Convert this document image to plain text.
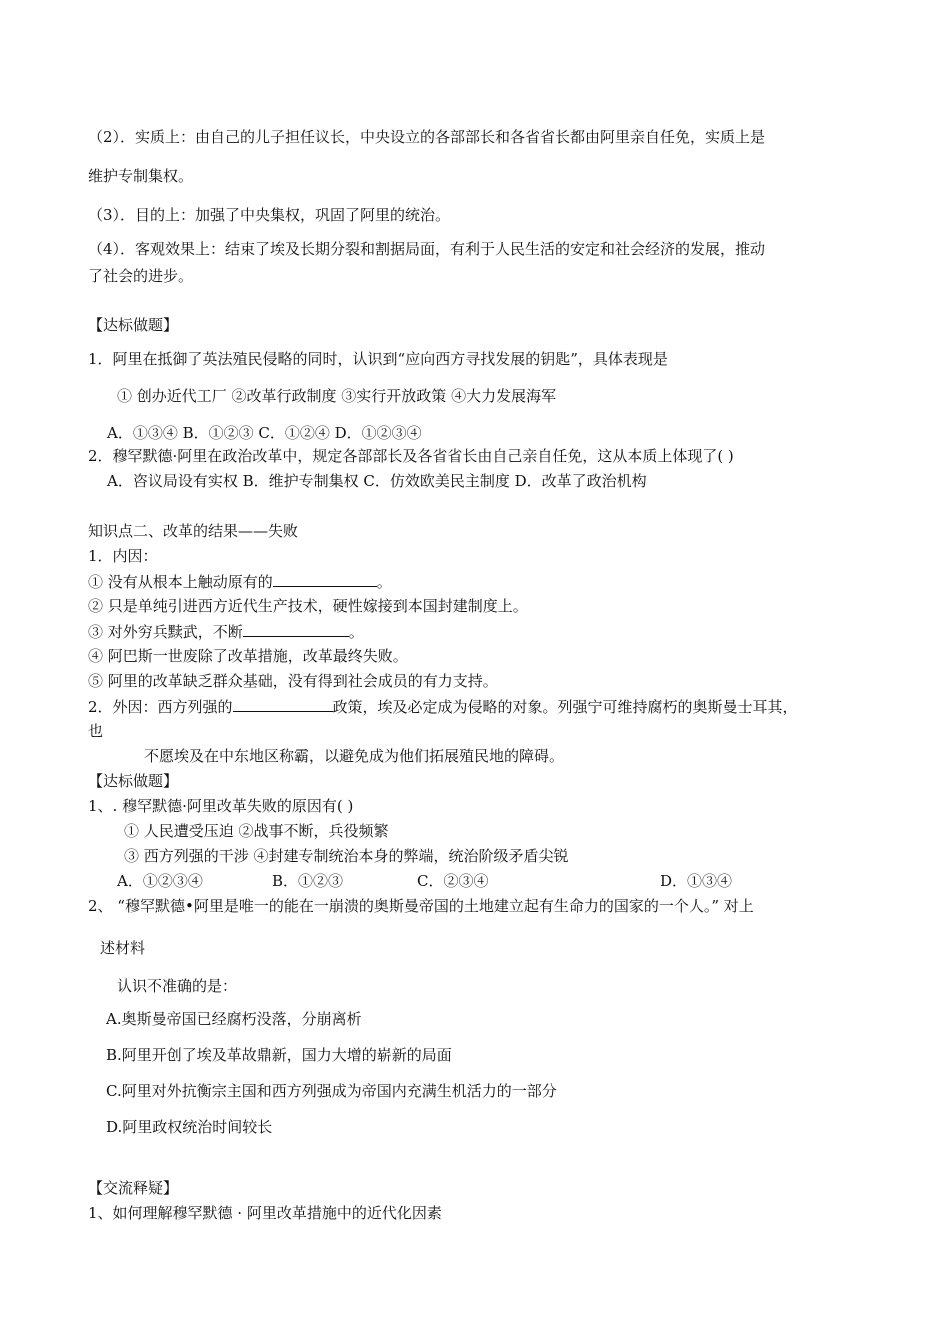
（2）．实质上：由自己的儿子担任议长，中央设立的各部部长和各省省长都由阿里亲自任免，实质上是
维护专制集权。
（3）．目的上：加强了中央集权，巩固了阿里的统治。
（4）．客观效果上：结束了埃及长期分裂和割据局面，有利于人民生活的安定和社会经济的发展，推动
了社会的进步。
【达标做题】
1．阿里在抵御了英法殖民侵略的同时，认识到“应向西方寻找发展的钥匙”，具体表现是
① 创办近代工厂 ②改革行政制度 ③实行开放政策 ④大力发展海军
A．①③④ B．①②③ C．①②④ D．①②③④
2．穆罕默德·阿里在政治改革中，规定各部部长及各省省长由自己亲自任免，这从本质上体现了( )
A．咨议局设有实权 B．维护专制集权 C．仿效欧美民主制度 D．改革了政治机构
知识点二、改革的结果——失败
1．内因：
① 没有从根本上触动原有的	。
② 只是单纯引进西方近代生产技术，硬性嫁接到本国封建制度上。
③ 对外穷兵黩武，不断	。
④ 阿巴斯一世废除了改革措施，改革最终失败。
⑤ 阿里的改革缺乏群众基础，没有得到社会成员的有力支持。
2．外因：西方列强的	政策，埃及必定成为侵略的对象。列强宁可维持腐朽的奥斯曼士耳其，
也
不愿埃及在中东地区称霸，以避免成为他们拓展殖民地的障碍。
【达标做题】
1、. 穆罕默德·阿里改革失败的原因有( )
① 人民遭受压迫 ②战事不断，兵役频繁
③ 西方列强的干涉 ④封建专制统治本身的弊端，统治阶级矛盾尖锐
A．①②③④	B．①②③	C．②③④	D．①③④
2、 “穆罕默德•阿里是唯一的能在一崩溃的奥斯曼帝国的土地建立起有生命力的国家的一个人。” 对上
述材料
认识不准确的是：
A.奥斯曼帝国已经腐朽没落，分崩离析
B.阿里开创了埃及革故鼎新，国力大增的崭新的局面
C.阿里对外抗衡宗主国和西方列强成为帝国内充满生机活力的一部分
D.阿里政权统治时间较长
【交流释疑】
1、如何理解穆罕默德 · 阿里改革措施中的近代化因素
